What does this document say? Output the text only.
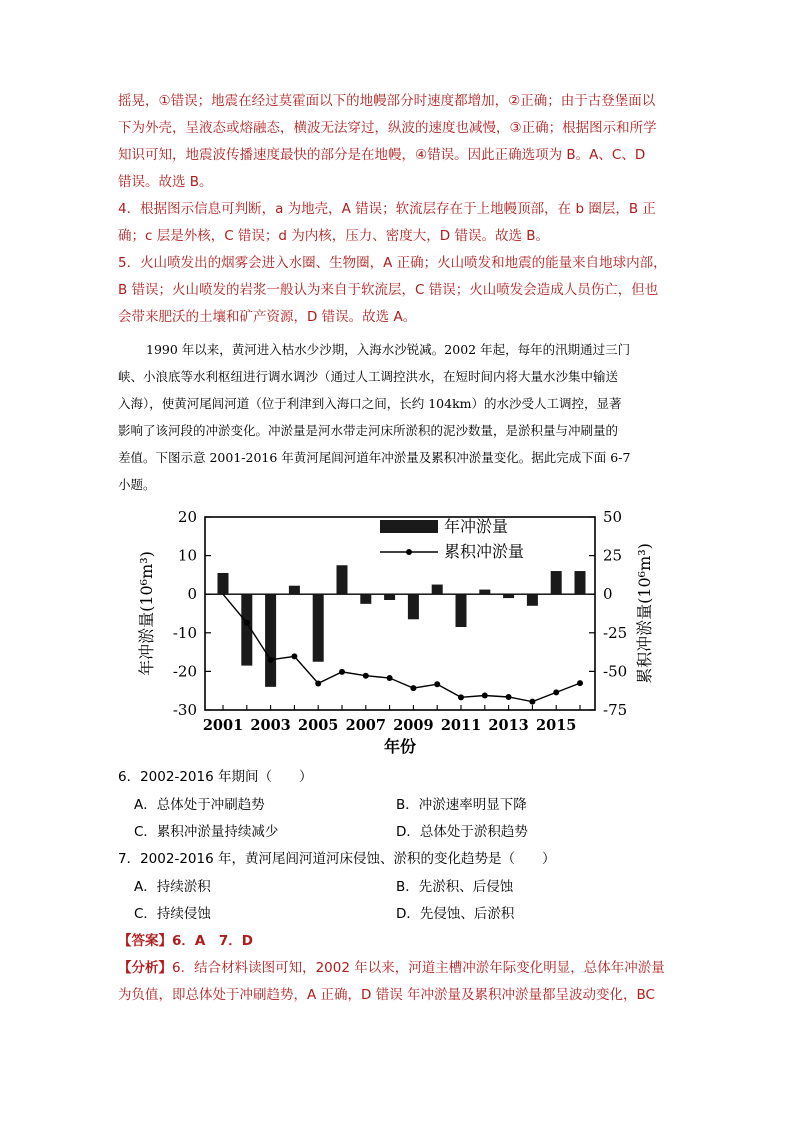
摇晃，①错误；地震在经过莫霍面以下的地幔部分时速度都增加，②正确；由于古登堡面以
下为外壳，呈液态或熔融态，横波无法穿过，纵波的速度也减慢，③正确；根据图示和所学
知识可知，地震波传播速度最快的部分是在地幔，④错误。因此正确选项为 B。A、C、D
错误。故选 B。
4．根据图示信息可判断，a 为地壳，A 错误；软流层存在于上地幔顶部，在 b 圈层，B 正
确；c 层是外核，C 错误；d 为内核，压力、密度大，D 错误。故选 B。
5．火山喷发出的烟雾会进入水圈、生物圈，A 正确；火山喷发和地震的能量来自地球内部，
B 错误；火山喷发的岩浆一般认为来自于软流层，C 错误；火山喷发会造成人员伤亡，但也
会带来肥沃的土壤和矿产资源，D 错误。故选 A。
1990 年以来，黄河进入枯水少沙期，入海水沙锐减。2002 年起，每年的汛期通过三门
峡、小浪底等水利枢纽进行调水调沙（通过人工调控洪水，在短时间内将大量水沙集中输送
入海），使黄河尾闾河道（位于利津到入海口之间，长约 104km）的水沙受人工调控，显著
影响了该河段的冲淤变化。冲淤量是河水带走河床所淤积的泥沙数量，是淤积量与冲刷量的
差值。下图示意 2001-2016 年黄河尾闾河道年冲淤量及累积冲淤量变化。据此完成下面 6-7
小题。
20
10
0
-10
-20
-30
50
25
0
-25
-50
-75
2001 2003 2005 2007 2009 2011 2013 2015
年冲淤量
累积冲淤量
年份
年冲淤量(10⁶m³)	累积冲淤量(10⁶m³)
6．2002-2016 年期间（　　）
A．总体处于冲刷趋势	B．冲淤速率明显下降
C．累积冲淤量持续减少	D．总体处于淤积趋势
7．2002-2016 年，黄河尾闾河道河床侵蚀、淤积的变化趋势是（　　）
A．持续淤积	B．先淤积、后侵蚀
C．持续侵蚀	D．先侵蚀、后淤积
【答案】6．A　7．D
【分析】6．结合材料读图可知，2002 年以来，河道主槽冲淤年际变化明显，总体年冲淤量
为负值，即总体处于冲刷趋势，A 正确，D 错误 年冲淤量及累积冲淤量都呈波动变化，BC
